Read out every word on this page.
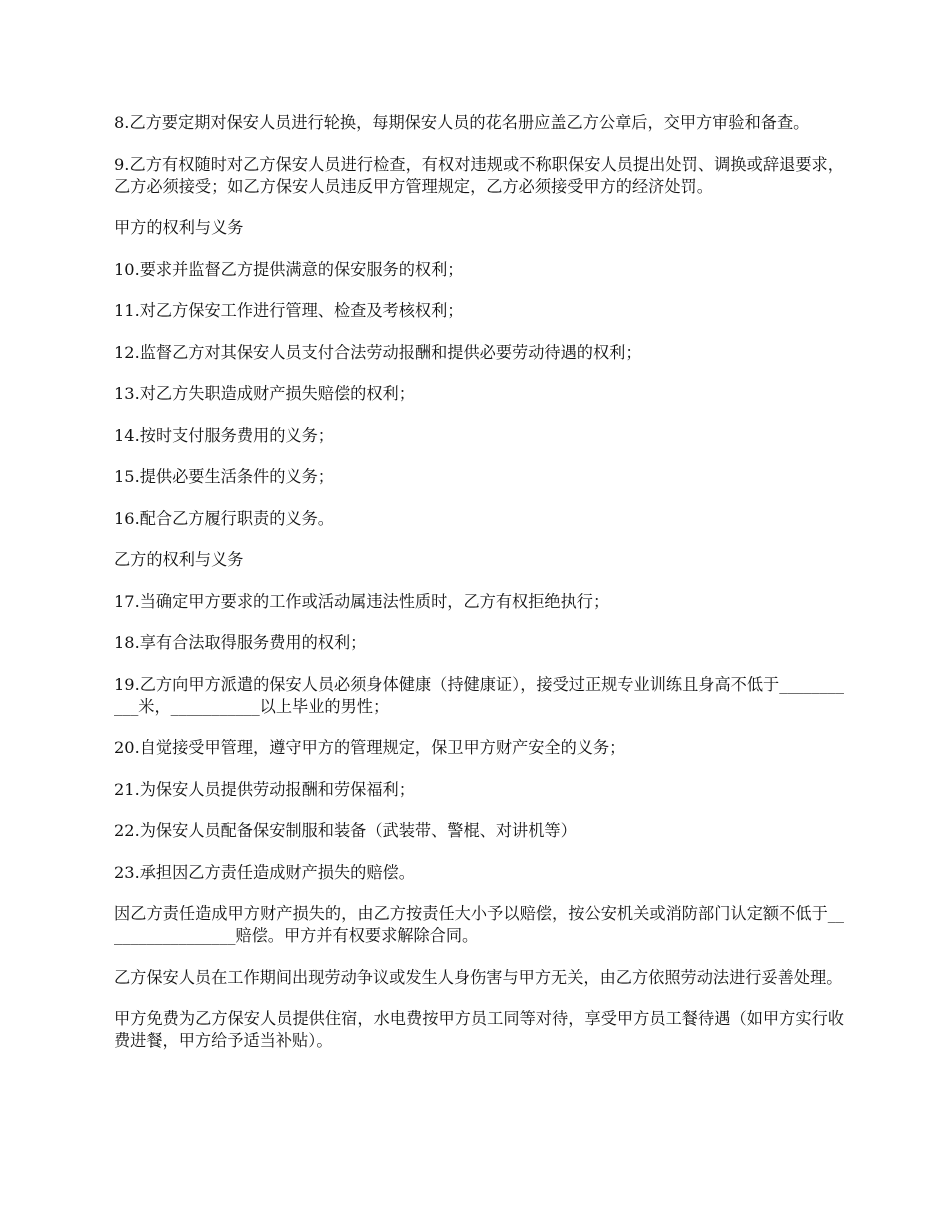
8.乙方要定期对保安人员进行轮换，每期保安人员的花名册应盖乙方公章后，交甲方审验和备查。

9.乙方有权随时对乙方保安人员进行检查，有权对违规或不称职保安人员提出处罚、调换或辞退要求，乙方必须接受；如乙方保安人员违反甲方管理规定，乙方必须接受甲方的经济处罚。

甲方的权利与义务

10.要求并监督乙方提供满意的保安服务的权利；

11.对乙方保安工作进行管理、检查及考核权利；

12.监督乙方对其保安人员支付合法劳动报酬和提供必要劳动待遇的权利；

13.对乙方失职造成财产损失赔偿的权利；

14.按时支付服务费用的义务；

15.提供必要生活条件的义务；

16.配合乙方履行职责的义务。

乙方的权利与义务

17.当确定甲方要求的工作或活动属违法性质时，乙方有权拒绝执行；

18.享有合法取得服务费用的权利；

19.乙方向甲方派遣的保安人员必须身体健康（持健康证），接受过正规专业训练且身高不低于___________米，___________以上毕业的男性；

20.自觉接受甲管理，遵守甲方的管理规定，保卫甲方财产安全的义务；

21.为保安人员提供劳动报酬和劳保福利；

22.为保安人员配备保安制服和装备（武装带、警棍、对讲机等）

23.承担因乙方责任造成财产损失的赔偿。

因乙方责任造成甲方财产损失的，由乙方按责任大小予以赔偿，按公安机关或消防部门认定额不低于_________________赔偿。甲方并有权要求解除合同。

乙方保安人员在工作期间出现劳动争议或发生人身伤害与甲方无关，由乙方依照劳动法进行妥善处理。

甲方免费为乙方保安人员提供住宿，水电费按甲方员工同等对待，享受甲方员工餐待遇（如甲方实行收费进餐，甲方给予适当补贴）。
